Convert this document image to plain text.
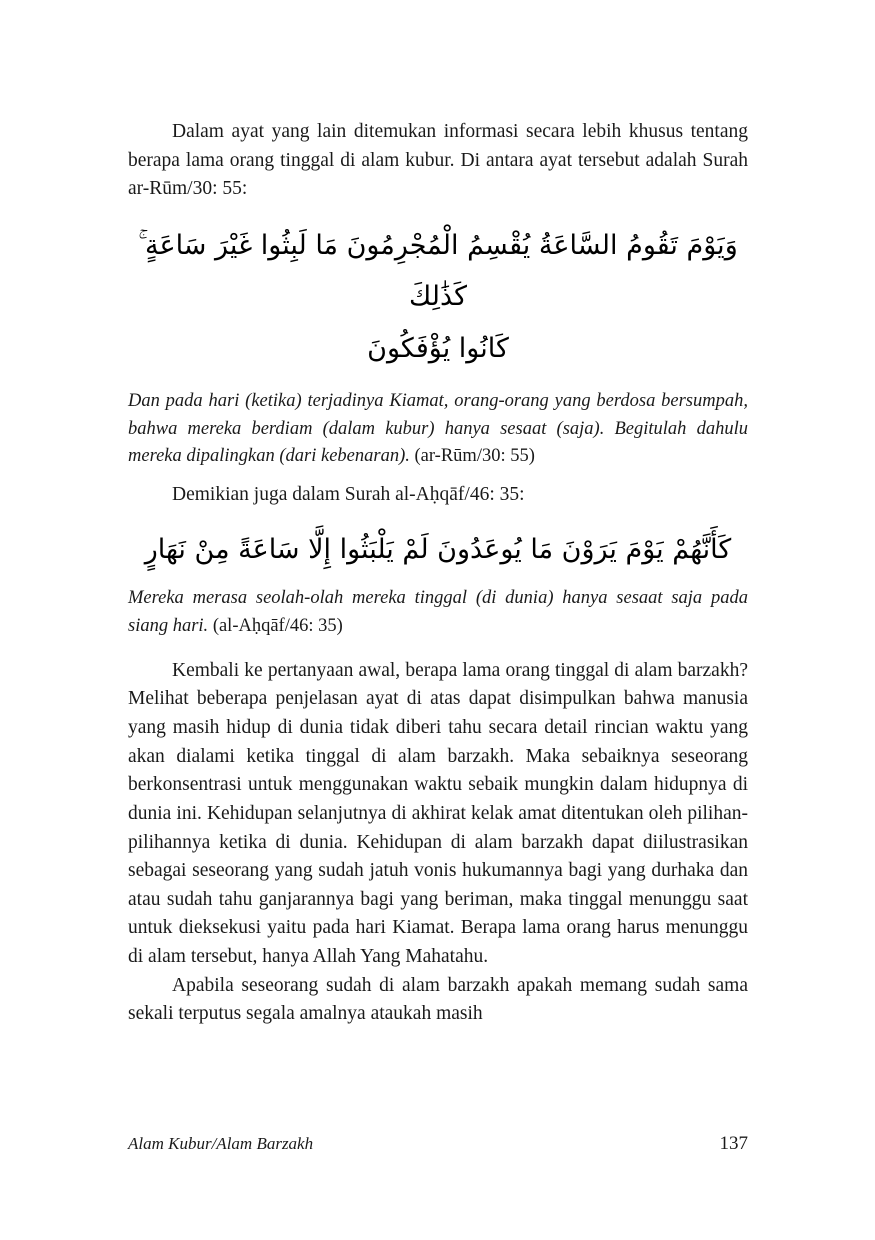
Dalam ayat yang lain ditemukan informasi secara lebih khusus tentang berapa lama orang tinggal di alam kubur. Di antara ayat tersebut adalah Surah ar-Rūm/30: 55:

وَيَوْمَ تَقُومُ السَّاعَةُ يُقْسِمُ الْمُجْرِمُونَ مَا لَبِثُوا غَيْرَ سَاعَةٍ ۚ كَذَٰلِكَ
كَانُوا يُؤْفَكُونَ

Dan pada hari (ketika) terjadinya Kiamat, orang-orang yang berdosa bersumpah, bahwa mereka berdiam (dalam kubur) hanya sesaat (saja). Begitulah dahulu mereka dipalingkan (dari kebenaran). (ar-Rūm/30: 55)

Demikian juga dalam Surah al-Aḥqāf/46: 35:

كَأَنَّهُمْ يَوْمَ يَرَوْنَ مَا يُوعَدُونَ لَمْ يَلْبَثُوا إِلَّا سَاعَةً مِنْ نَهَارٍ

Mereka merasa seolah-olah mereka tinggal (di dunia) hanya sesaat saja pada siang hari. (al-Aḥqāf/46: 35)

Kembali ke pertanyaan awal, berapa lama orang tinggal di alam barzakh? Melihat beberapa penjelasan ayat di atas dapat disimpulkan bahwa manusia yang masih hidup di dunia tidak diberi tahu secara detail rincian waktu yang akan dialami ketika tinggal di alam barzakh. Maka sebaiknya seseorang berkonsentrasi untuk menggunakan waktu sebaik mungkin dalam hidupnya di dunia ini. Kehidupan selanjutnya di akhirat kelak amat ditentukan oleh pilihan-pilihannya ketika di dunia. Kehidupan di alam barzakh dapat diilustrasikan sebagai seseorang yang sudah jatuh vonis hukumannya bagi yang durhaka dan atau sudah tahu ganjarannya bagi yang beriman, maka tinggal menunggu saat untuk dieksekusi yaitu pada hari Kiamat. Berapa lama orang harus menunggu di alam tersebut, hanya Allah Yang Mahatahu.

Apabila seseorang sudah di alam barzakh apakah memang sudah sama sekali terputus segala amalnya ataukah masih

Alam Kubur/Alam Barzakh	137
